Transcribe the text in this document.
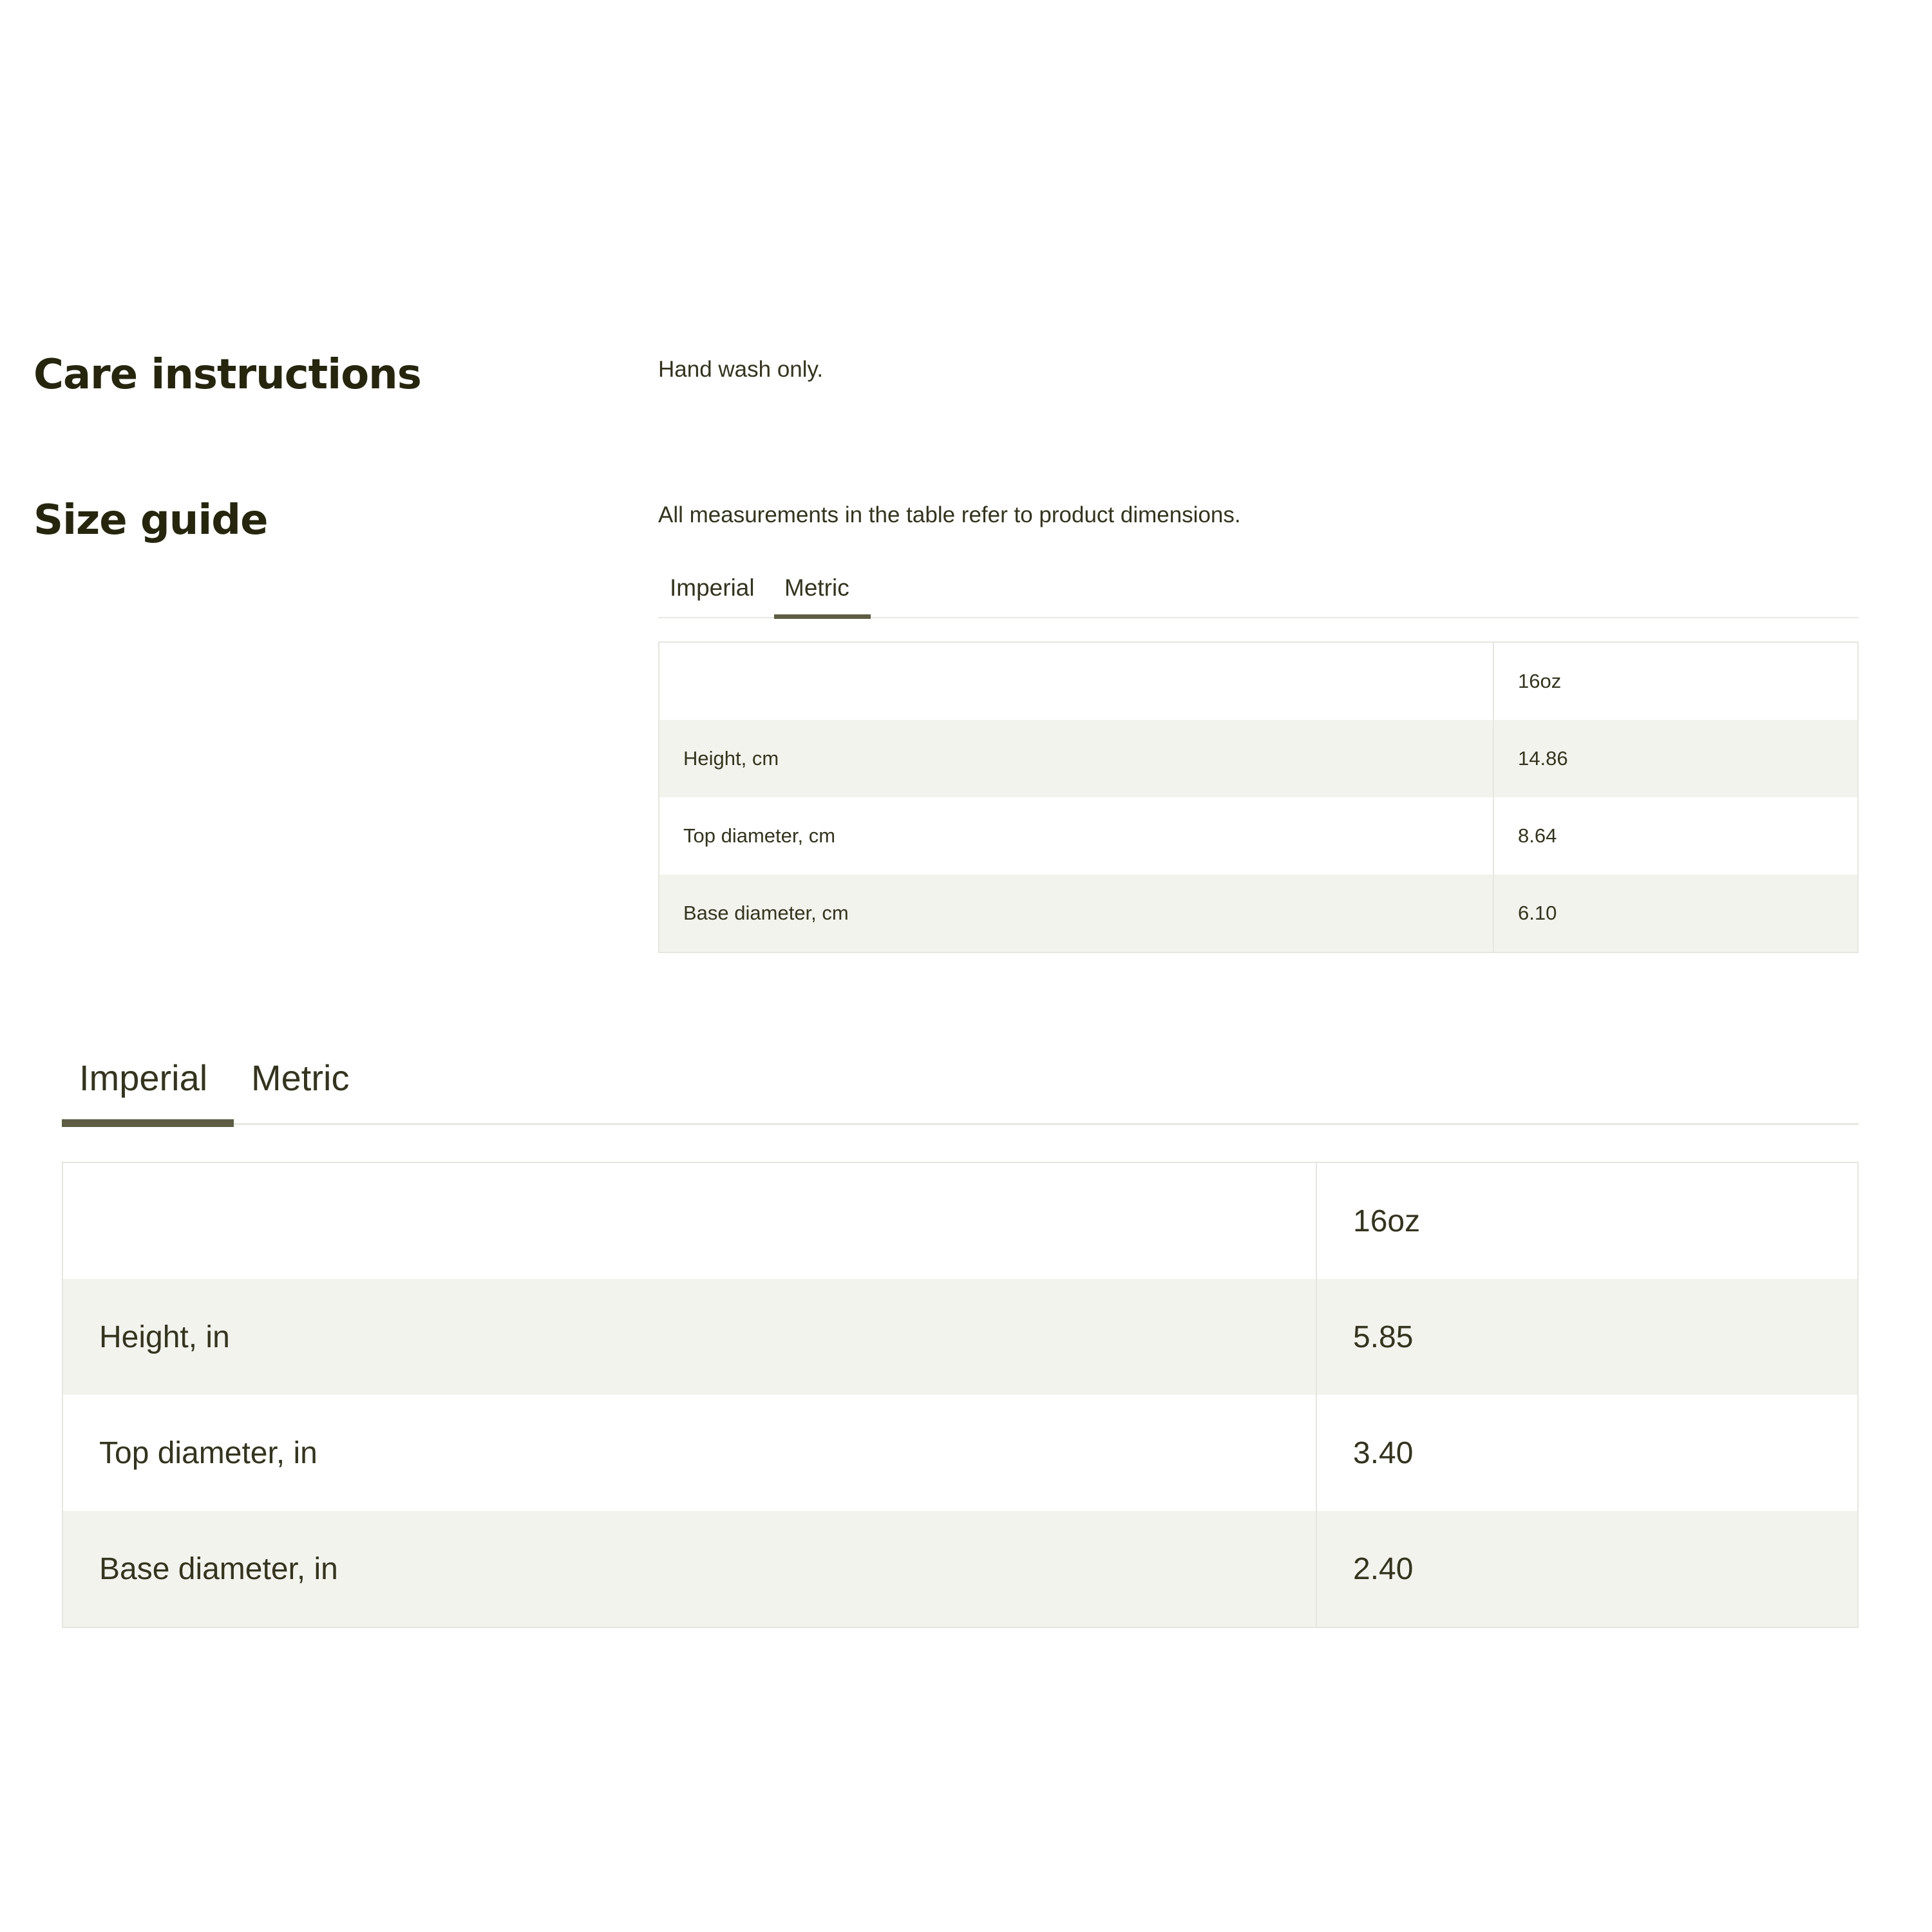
Care instructions	Hand wash only.

Size guide	All measurements in the table refer to product dimensions.

Imperial Metric
	16oz
Height, cm	14.86
Top diameter, cm	8.64
Base diameter, cm	6.10
Imperial Metric
	16oz
Height, in	5.85
Top diameter, in	3.40
Base diameter, in	2.40
